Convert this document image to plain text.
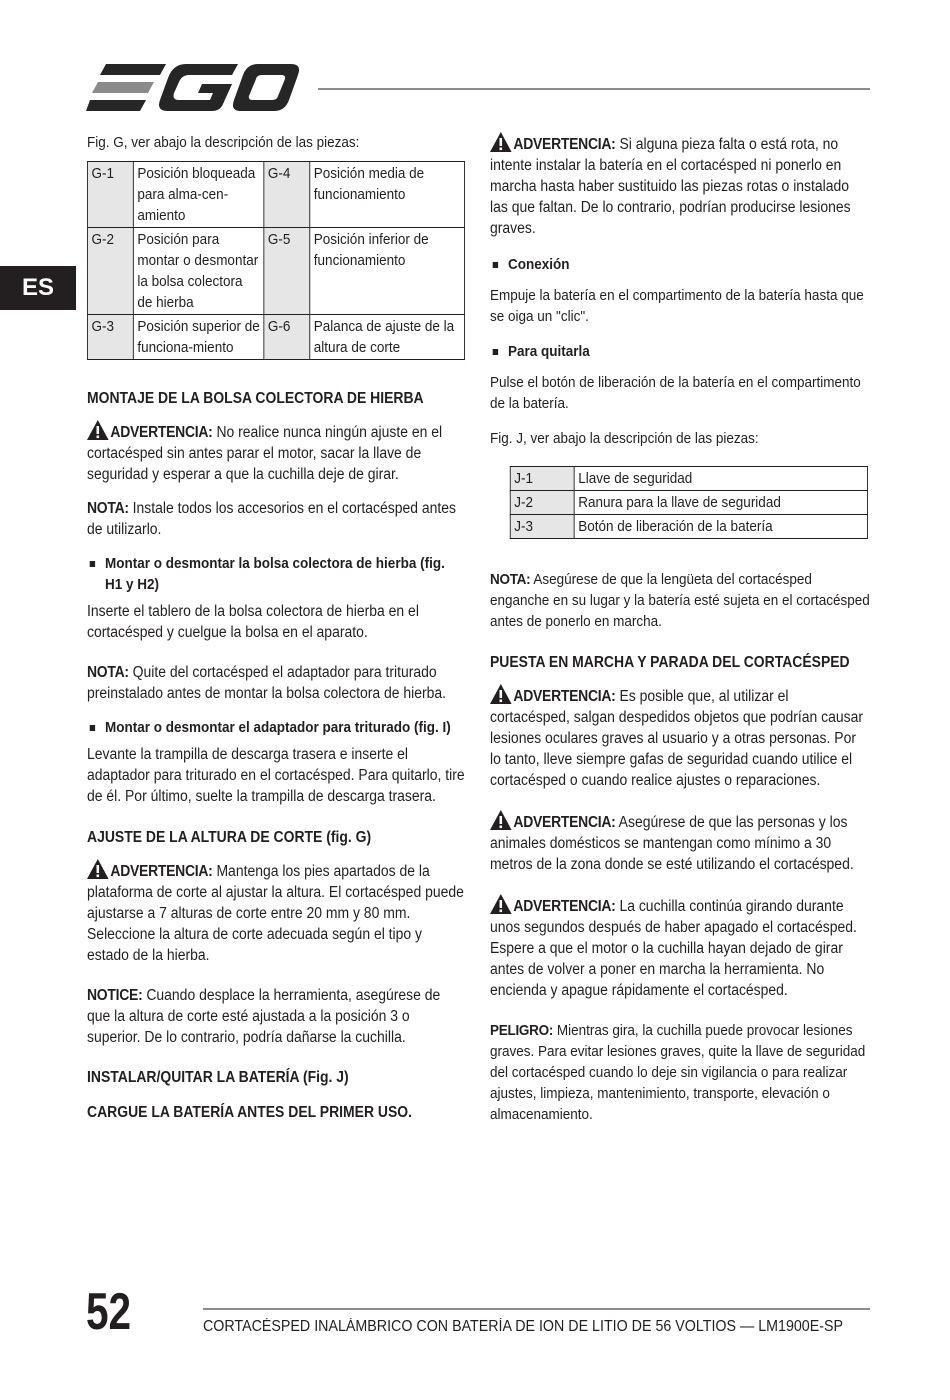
EGO
ES

Fig. G, ver abajo la descripción de las piezas:

G-1	Posición bloqueada para alma-cen-amiento	G-4	Posición media de funcionamiento
G-2	Posición para montar o desmontar la bolsa colectora de hierba	G-5	Posición inferior de funcionamiento
G-3	Posición superior de funciona-miento	G-6	Palanca de ajuste de la altura de corte
MONTAJE DE LA BOLSA COLECTORA DE HIERBA

ADVERTENCIA: No realice nunca ningún ajuste en el cortacésped sin antes parar el motor, sacar la llave de seguridad y esperar a que la cuchilla deje de girar.

NOTA: Instale todos los accesorios en el cortacésped antes de utilizarlo.

Montar o desmontar la bolsa colectora de hierba (fig. H1 y H2)

Inserte el tablero de la bolsa colectora de hierba en el cortacésped y cuelgue la bolsa en el aparato.

NOTA: Quite del cortacésped el adaptador para triturado preinstalado antes de montar la bolsa colectora de hierba.

Montar o desmontar el adaptador para triturado (fig. I)

Levante la trampilla de descarga trasera e inserte el adaptador para triturado en el cortacésped. Para quitarlo, tire de él. Por último, suelte la trampilla de descarga trasera.

AJUSTE DE LA ALTURA DE CORTE (fig. G)

ADVERTENCIA: Mantenga los pies apartados de la plataforma de corte al ajustar la altura. El cortacésped puede ajustarse a 7 alturas de corte entre 20 mm y 80 mm. Seleccione la altura de corte adecuada según el tipo y estado de la hierba.

NOTICE: Cuando desplace la herramienta, asegúrese de que la altura de corte esté ajustada a la posición 3 o superior. De lo contrario, podría dañarse la cuchilla.

INSTALAR/QUITAR LA BATERÍA (Fig. J)
CARGUE LA BATERÍA ANTES DEL PRIMER USO.

ADVERTENCIA: Si alguna pieza falta o está rota, no intente instalar la batería en el cortacésped ni ponerlo en marcha hasta haber sustituido las piezas rotas o instalado las que faltan. De lo contrario, podrían producirse lesiones graves.

Conexión

Empuje la batería en el compartimento de la batería hasta que se oiga un "clic".

Para quitarla

Pulse el botón de liberación de la batería en el compartimento de la batería.

Fig. J, ver abajo la descripción de las piezas:

J-1	Llave de seguridad
J-2	Ranura para la llave de seguridad
J-3	Botón de liberación de la batería

NOTA: Asegúrese de que la lengüeta del cortacésped enganche en su lugar y la batería esté sujeta en el cortacésped antes de ponerlo en marcha.

PUESTA EN MARCHA Y PARADA DEL CORTACÉSPED

ADVERTENCIA: Es posible que, al utilizar el cortacésped, salgan despedidos objetos que podrían causar lesiones oculares graves al usuario y a otras personas. Por lo tanto, lleve siempre gafas de seguridad cuando utilice el cortacésped o cuando realice ajustes o reparaciones.

ADVERTENCIA: Asegúrese de que las personas y los animales domésticos se mantengan como mínimo a 30 metros de la zona donde se esté utilizando el cortacésped.

ADVERTENCIA: La cuchilla continúa girando durante unos segundos después de haber apagado el cortacésped. Espere a que el motor o la cuchilla hayan dejado de girar antes de volver a poner en marcha la herramienta. No encienda y apague rápidamente el cortacésped.

PELIGRO: Mientras gira, la cuchilla puede provocar lesiones graves. Para evitar lesiones graves, quite la llave de seguridad del cortacésped cuando lo deje sin vigilancia o para realizar ajustes, limpieza, mantenimiento, transporte, elevación o almacenamiento.

52	CORTACÉSPED INALÁMBRICO CON BATERÍA DE ION DE LITIO DE 56 VOLTIOS — LM1900E-SP
